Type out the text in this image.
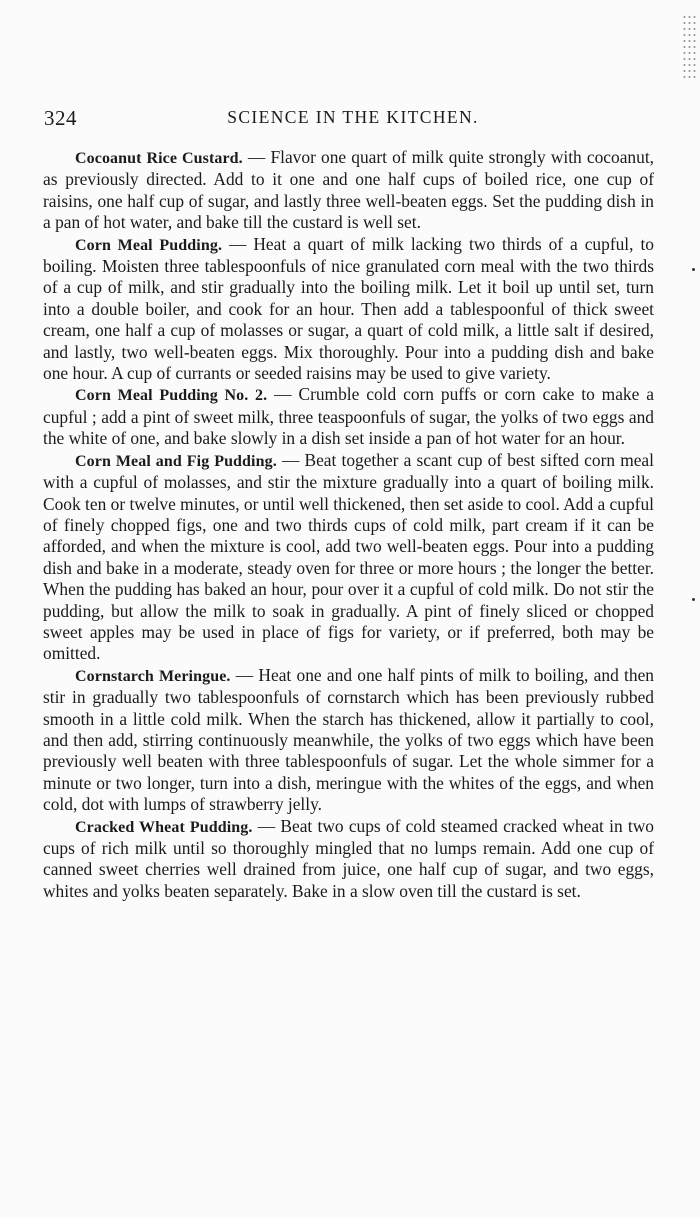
324	SCIENCE IN THE KITCHEN.

Cocoanut Rice Custard. — Flavor one quart of milk quite strongly with cocoanut, as previously directed. Add to it one and one half cups of boiled rice, one cup of raisins, one half cup of sugar, and lastly three well-beaten eggs. Set the pudding dish in a pan of hot water, and bake till the custard is well set.

Corn Meal Pudding. — Heat a quart of milk lacking two thirds of a cupful, to boiling. Moisten three tablespoonfuls of nice granulated corn meal with the two thirds of a cup of milk, and stir gradually into the boiling milk. Let it boil up until set, turn into a double boiler, and cook for an hour. Then add a tablespoonful of thick sweet cream, one half a cup of molasses or sugar, a quart of cold milk, a little salt if desired, and lastly, two well-beaten eggs. Mix thoroughly. Pour into a pudding dish and bake one hour. A cup of currants or seeded raisins may be used to give variety.

Corn Meal Pudding No. 2. — Crumble cold corn puffs or corn cake to make a cupful ; add a pint of sweet milk, three teaspoonfuls of sugar, the yolks of two eggs and the white of one, and bake slowly in a dish set inside a pan of hot water for an hour.

Corn Meal and Fig Pudding. — Beat together a scant cup of best sifted corn meal with a cupful of molasses, and stir the mixture gradually into a quart of boiling milk. Cook ten or twelve minutes, or until well thickened, then set aside to cool. Add a cupful of finely chopped figs, one and two thirds cups of cold milk, part cream if it can be afforded, and when the mixture is cool, add two well-beaten eggs. Pour into a pudding dish and bake in a moderate, steady oven for three or more hours ; the longer the better. When the pudding has baked an hour, pour over it a cupful of cold milk. Do not stir the pudding, but allow the milk to soak in gradually. A pint of finely sliced or chopped sweet apples may be used in place of figs for variety, or if preferred, both may be omitted.

Cornstarch Meringue. — Heat one and one half pints of milk to boiling, and then stir in gradually two tablespoonfuls of cornstarch which has been previously rubbed smooth in a little cold milk. When the starch has thickened, allow it partially to cool, and then add, stirring continuously meanwhile, the yolks of two eggs which have been previously well beaten with three tablespoonfuls of sugar. Let the whole simmer for a minute or two longer, turn into a dish, meringue with the whites of the eggs, and when cold, dot with lumps of strawberry jelly.

Cracked Wheat Pudding. — Beat two cups of cold steamed cracked wheat in two cups of rich milk until so thoroughly mingled that no lumps remain. Add one cup of canned sweet cherries well drained from juice, one half cup of sugar, and two eggs, whites and yolks beaten separately. Bake in a slow oven till the custard is set.
